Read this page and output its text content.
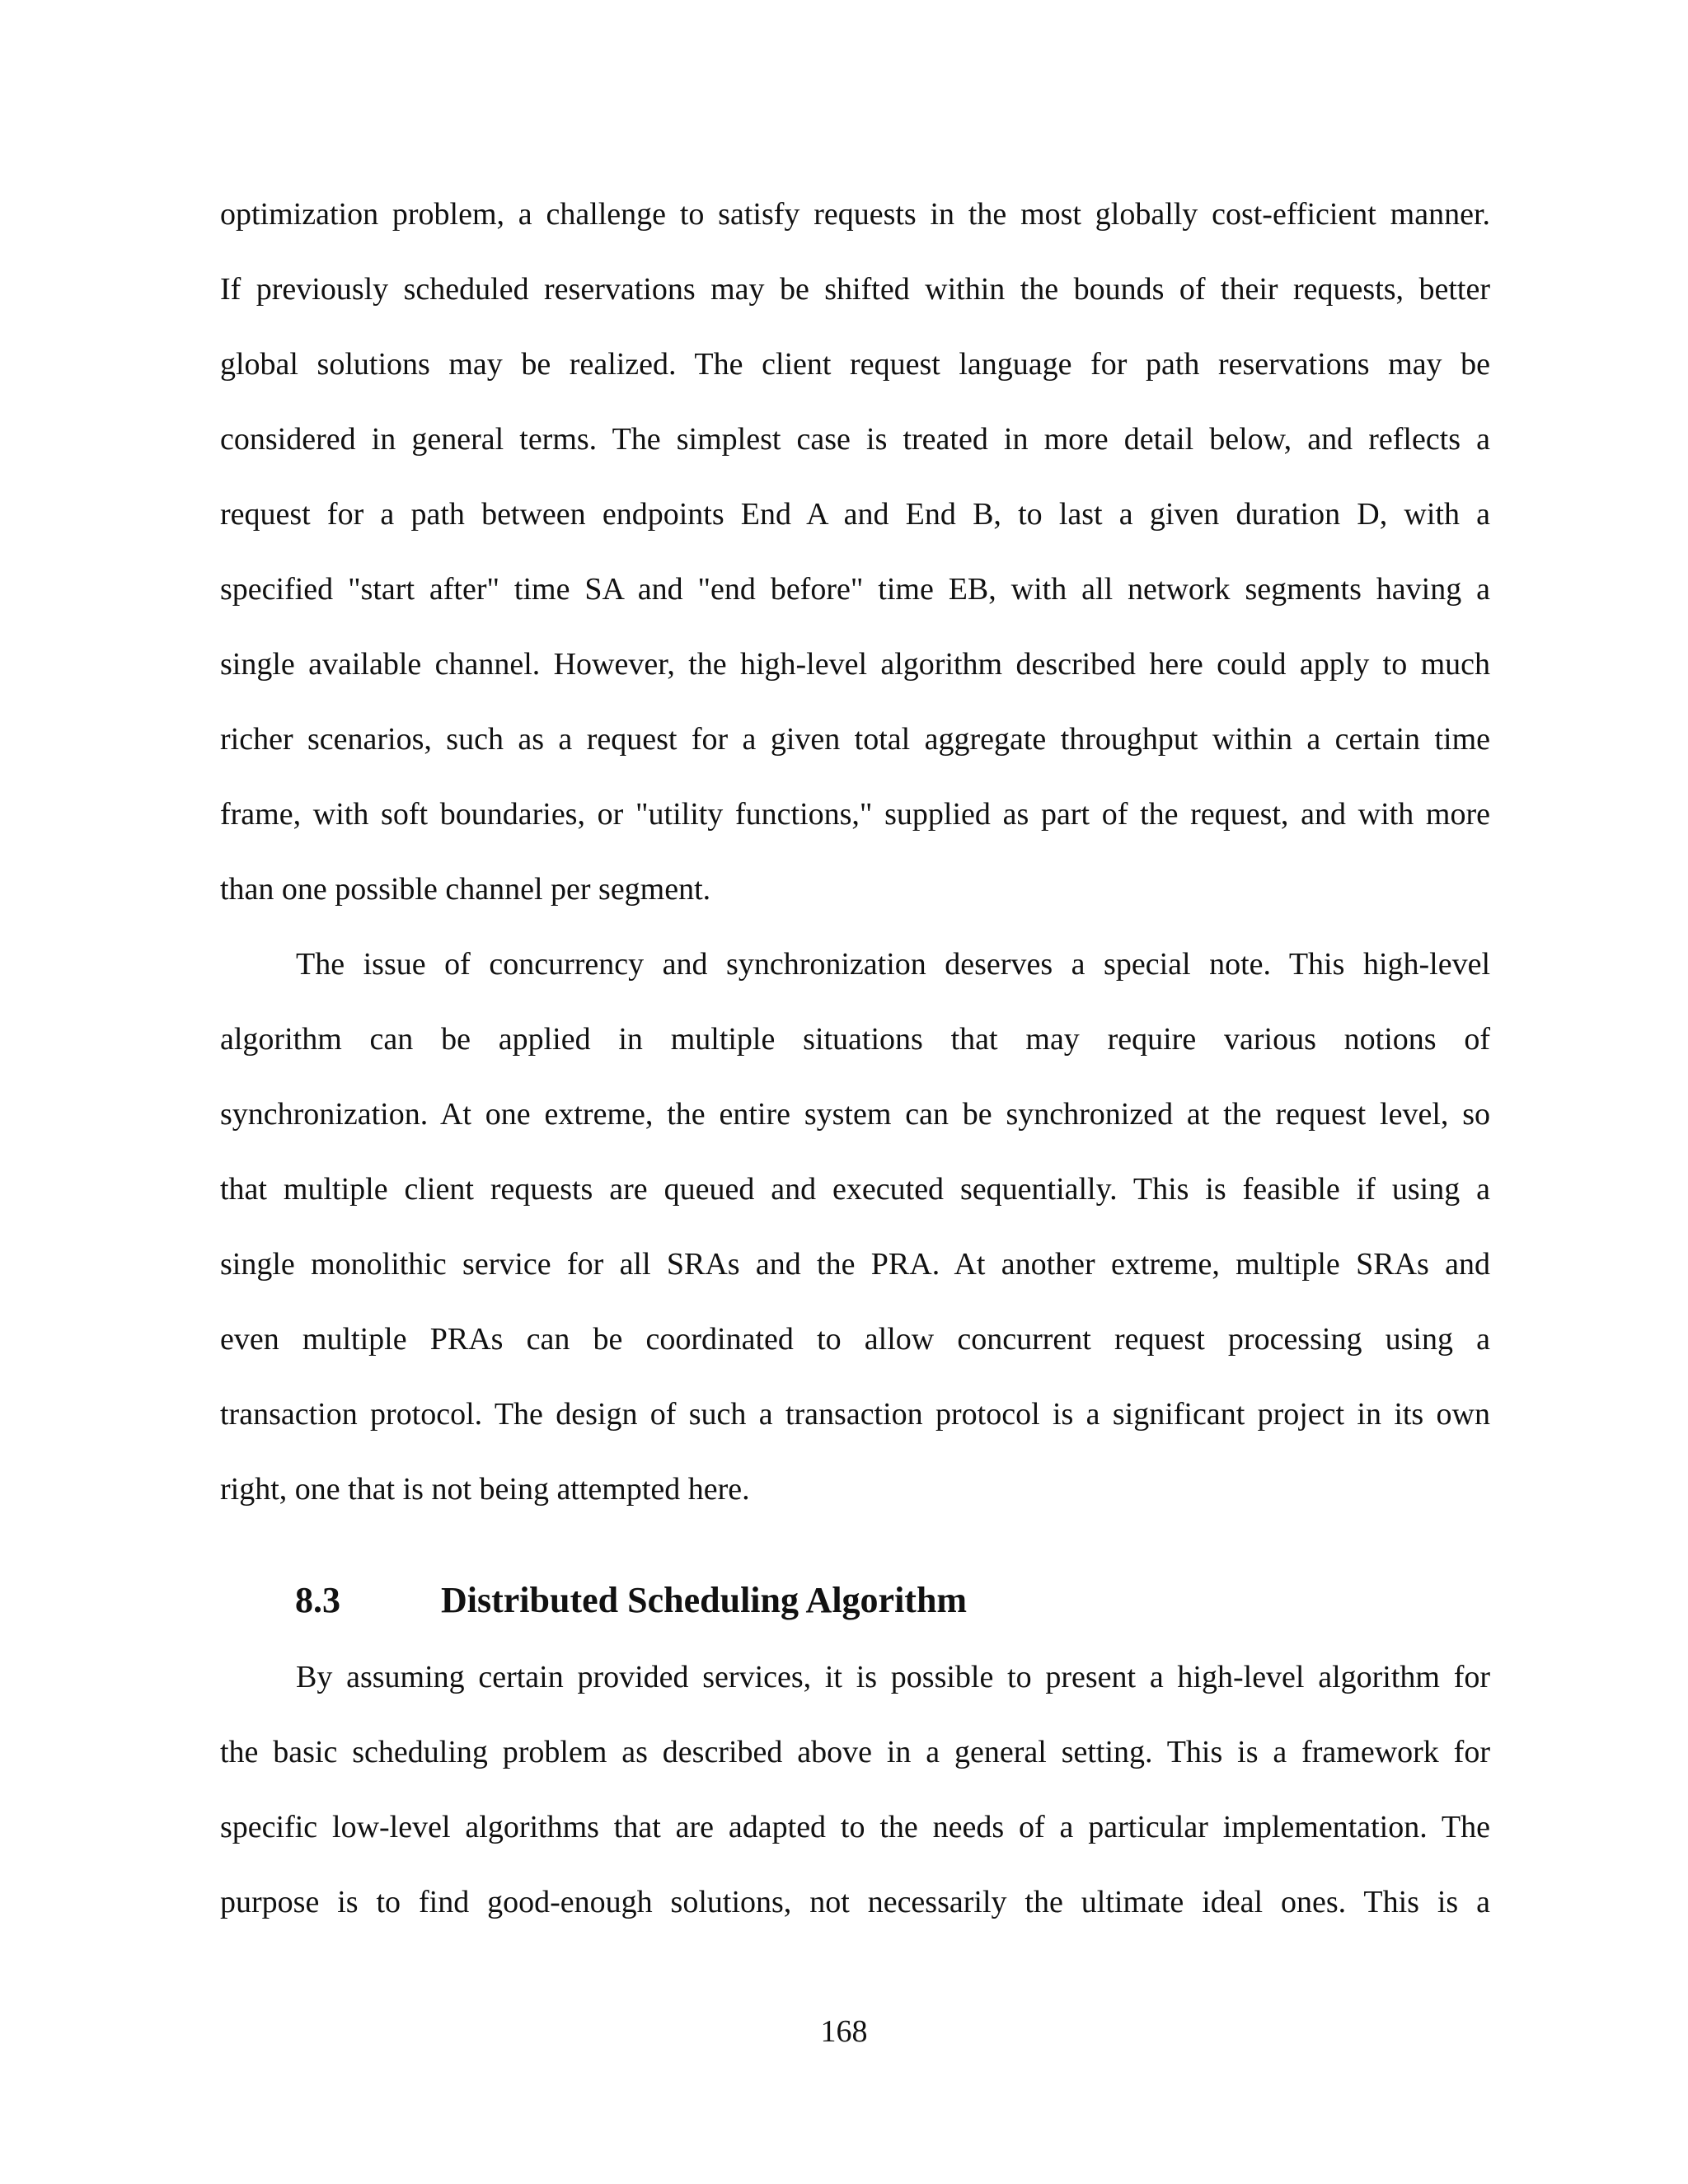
optimization problem, a challenge to satisfy requests in the most globally cost-efficient manner.
If previously scheduled reservations may be shifted within the bounds of their requests, better
global solutions may be realized. The client request language for path reservations may be
considered in general terms. The simplest case is treated in more detail below, and reflects a
request for a path between endpoints End A and End B, to last a given duration D, with a
specified "start after" time SA and "end before" time EB, with all network segments having a
single available channel. However, the high-level algorithm described here could apply to much
richer scenarios, such as a request for a given total aggregate throughput within a certain time
frame, with soft boundaries, or "utility functions," supplied as part of the request, and with more
than one possible channel per segment.
The issue of concurrency and synchronization deserves a special note. This high-level
algorithm can be applied in multiple situations that may require various notions of
synchronization. At one extreme, the entire system can be synchronized at the request level, so
that multiple client requests are queued and executed sequentially. This is feasible if using a
single monolithic service for all SRAs and the PRA. At another extreme, multiple SRAs and
even multiple PRAs can be coordinated to allow concurrent request processing using a
transaction protocol. The design of such a transaction protocol is a significant project in its own
right, one that is not being attempted here.
8.3	Distributed Scheduling Algorithm
By assuming certain provided services, it is possible to present a high-level algorithm for
the basic scheduling problem as described above in a general setting. This is a framework for
specific low-level algorithms that are adapted to the needs of a particular implementation. The
purpose is to find good-enough solutions, not necessarily the ultimate ideal ones. This is a
168
